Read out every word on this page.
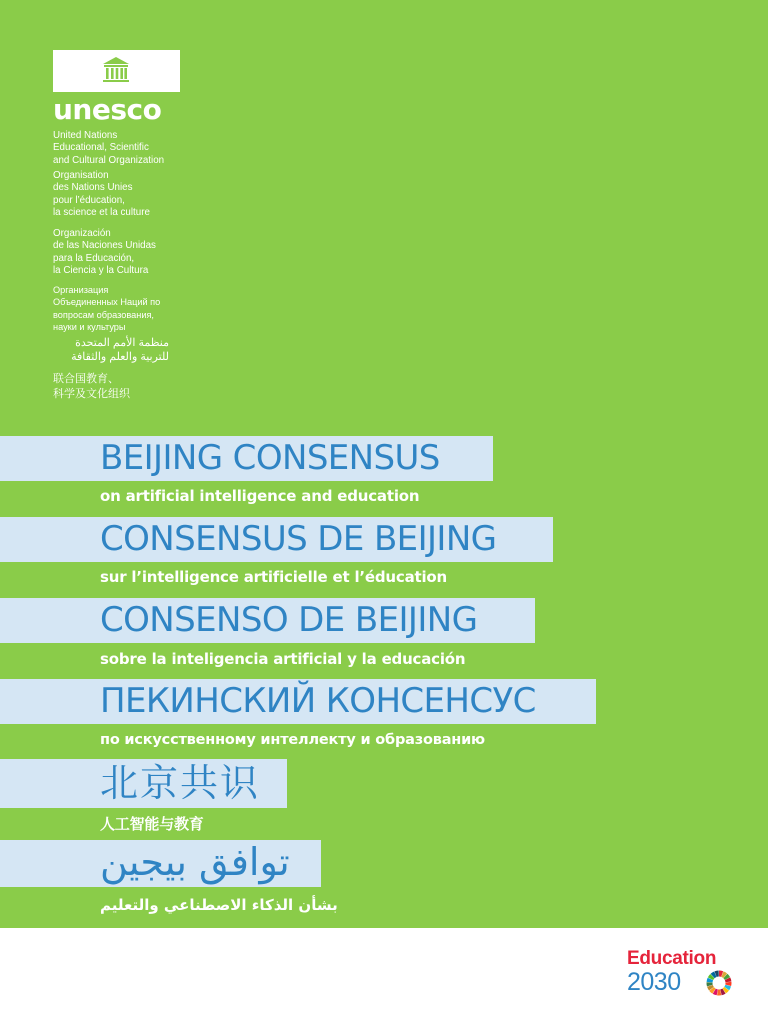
unesco
United Nations
Educational, Scientific
and Cultural Organization
Organisation
des Nations Unies
pour l’éducation,
la science et la culture
Organización
de las Naciones Unidas
para la Educación,
la Ciencia y la Cultura
Организация
Объединенных Наций по
вопросам образования,
науки и культуры
منظمة الأمم المتحدة
للتربية والعلم والثقافة
联合国教育、
科学及文化组织
BEIJING CONSENSUS
on artificial intelligence and education
CONSENSUS DE BEIJING
sur l’intelligence artificielle et l’éducation
CONSENSO DE BEIJING
sobre la inteligencia artificial y la educación
ПЕКИНСКИЙ КОНСЕНСУС
по искусственному интеллекту и образованию
北京共识
人工智能与教育
توافق بيجين
بشأن الذكاء الاصطناعي والتعليم
Education
2030
